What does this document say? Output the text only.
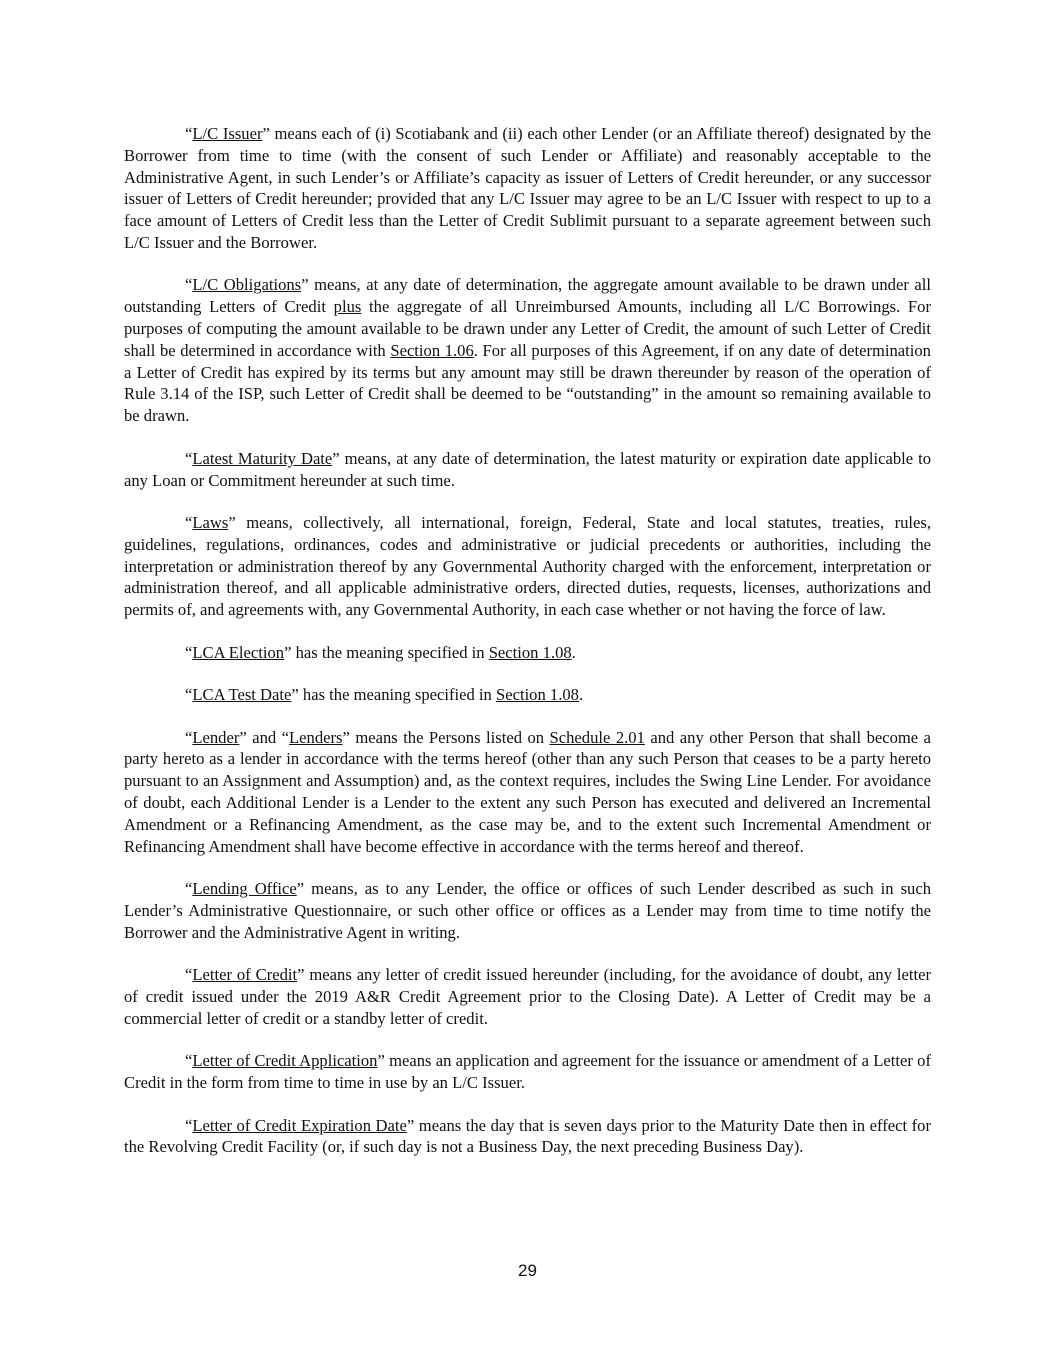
“L/C Issuer” means each of (i) Scotiabank and (ii) each other Lender (or an Affiliate thereof) designated by the Borrower from time to time (with the consent of such Lender or Affiliate) and reasonably acceptable to the Administrative Agent, in such Lender’s or Affiliate’s capacity as issuer of Letters of Credit hereunder, or any successor issuer of Letters of Credit hereunder; provided that any L/C Issuer may agree to be an L/C Issuer with respect to up to a face amount of Letters of Credit less than the Letter of Credit Sublimit pursuant to a separate agreement between such L/C Issuer and the Borrower.

“L/C Obligations” means, at any date of determination, the aggregate amount available to be drawn under all outstanding Letters of Credit plus the aggregate of all Unreimbursed Amounts, including all L/C Borrowings. For purposes of computing the amount available to be drawn under any Letter of Credit, the amount of such Letter of Credit shall be determined in accordance with Section 1.06. For all purposes of this Agreement, if on any date of determination a Letter of Credit has expired by its terms but any amount may still be drawn thereunder by reason of the operation of Rule 3.14 of the ISP, such Letter of Credit shall be deemed to be “outstanding” in the amount so remaining available to be drawn.

“Latest Maturity Date” means, at any date of determination, the latest maturity or expiration date applicable to any Loan or Commitment hereunder at such time.

“Laws” means, collectively, all international, foreign, Federal, State and local statutes, treaties, rules, guidelines, regulations, ordinances, codes and administrative or judicial precedents or authorities, including the interpretation or administration thereof by any Governmental Authority charged with the enforcement, interpretation or administration thereof, and all applicable administrative orders, directed duties, requests, licenses, authorizations and permits of, and agreements with, any Governmental Authority, in each case whether or not having the force of law.

“LCA Election” has the meaning specified in Section 1.08.

“LCA Test Date” has the meaning specified in Section 1.08.

“Lender” and “Lenders” means the Persons listed on Schedule 2.01 and any other Person that shall become a party hereto as a lender in accordance with the terms hereof (other than any such Person that ceases to be a party hereto pursuant to an Assignment and Assumption) and, as the context requires, includes the Swing Line Lender. For avoidance of doubt, each Additional Lender is a Lender to the extent any such Person has executed and delivered an Incremental Amendment or a Refinancing Amendment, as the case may be, and to the extent such Incremental Amendment or Refinancing Amendment shall have become effective in accordance with the terms hereof and thereof.

“Lending Office” means, as to any Lender, the office or offices of such Lender described as such in such Lender’s Administrative Questionnaire, or such other office or offices as a Lender may from time to time notify the Borrower and the Administrative Agent in writing.

“Letter of Credit” means any letter of credit issued hereunder (including, for the avoidance of doubt, any letter of credit issued under the 2019 A&R Credit Agreement prior to the Closing Date). A Letter of Credit may be a commercial letter of credit or a standby letter of credit.

“Letter of Credit Application” means an application and agreement for the issuance or amendment of a Letter of Credit in the form from time to time in use by an L/C Issuer.

“Letter of Credit Expiration Date” means the day that is seven days prior to the Maturity Date then in effect for the Revolving Credit Facility (or, if such day is not a Business Day, the next preceding Business Day).

29
